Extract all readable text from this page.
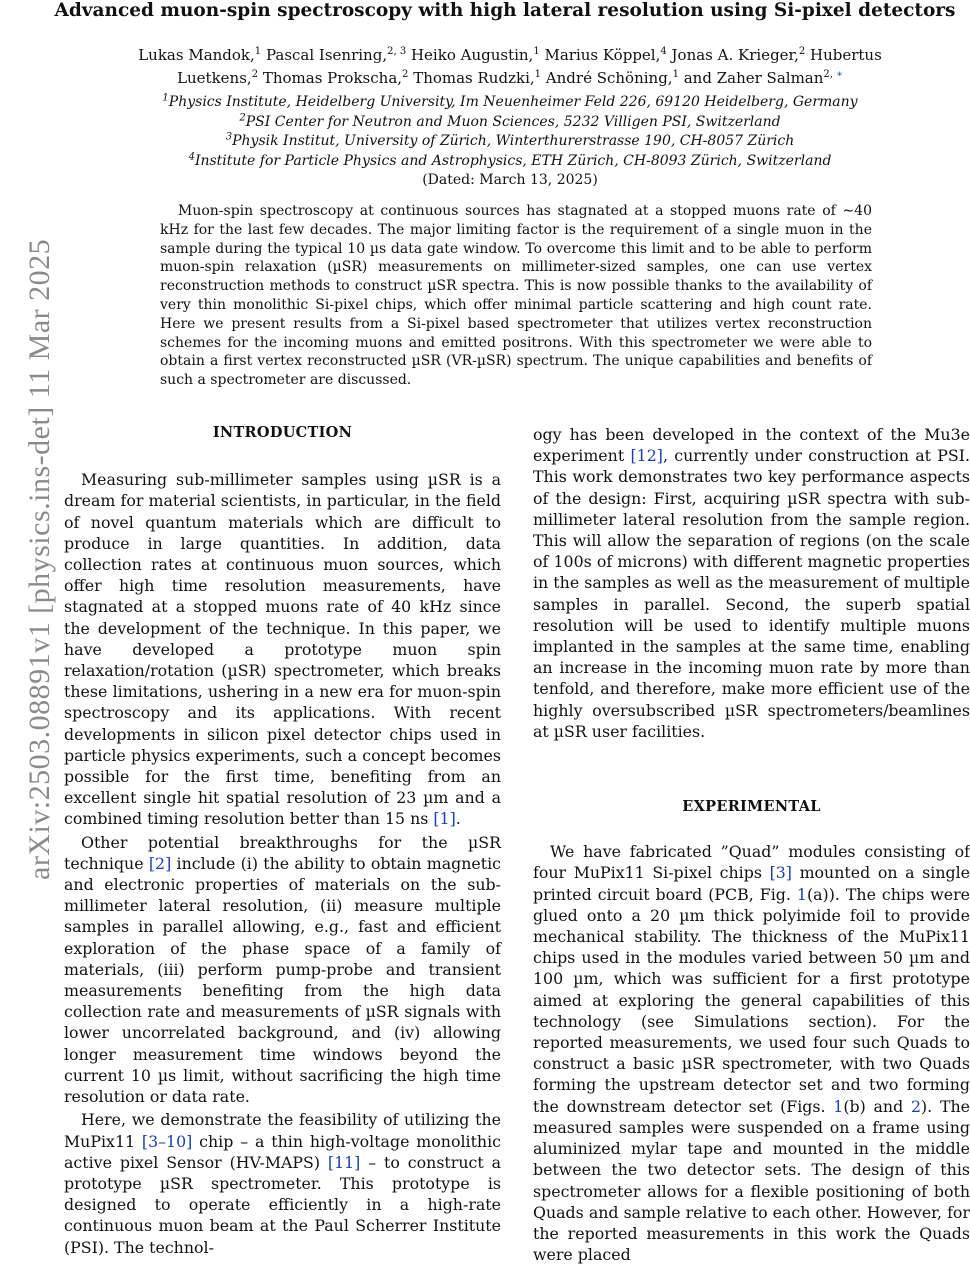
Advanced muon-spin spectroscopy with high lateral resolution using Si-pixel detectors
Lukas Mandok,$^1$ Pascal Isenring,$^{2, 3}$ Heiko Augustin,$^1$ Marius Köppel,$^4$ Jonas A. Krieger,$^2$ Hubertus Luetkens,$^2$ Thomas Prokscha,$^2$ Thomas Rudzki,$^1$ André Schöning,$^1$ and Zaher Salman$^{2, ∗}$
$^1$Physics Institute, Heidelberg University, Im Neuenheimer Feld 226, 69120 Heidelberg, Germany
$^2$PSI Center for Neutron and Muon Sciences, 5232 Villigen PSI, Switzerland
$^3$Physik Institut, University of Zürich, Winterthurerstrasse 190, CH-8057 Zürich
$^4$Institute for Particle Physics and Astrophysics, ETH Zürich, CH-8093 Zürich, Switzerland
(Dated: March 13, 2025)
Muon-spin spectroscopy at continuous sources has stagnated at a stopped muons rate of ∼40 kHz for the last few decades. The major limiting factor is the requirement of a single muon in the sample during the typical 10 µs data gate window. To overcome this limit and to be able to perform muon-spin relaxation (µSR) measurements on millimeter-sized samples, one can use vertex reconstruction methods to construct µSR spectra. This is now possible thanks to the availability of very thin monolithic Si-pixel chips, which offer minimal particle scattering and high count rate. Here we present results from a Si-pixel based spectrometer that utilizes vertex reconstruction schemes for the incoming muons and emitted positrons. With this spectrometer we were able to obtain a first vertex reconstructed µSR (VR-µSR) spectrum. The unique capabilities and benefits of such a spectrometer are discussed.
arXiv:2503.08891v1 [physics.ins-det] 11 Mar 2025	INTRODUCTION

Measuring sub-millimeter samples using µSR is a dream for material scientists, in particular, in the field of novel quantum materials which are difficult to produce in large quantities. In addition, data collection rates at continuous muon sources, which offer high time resolution measurements, have stagnated at a stopped muons rate of 40 kHz since the development of the technique. In this paper, we have developed a prototype muon spin relaxation/rotation (µSR) spectrometer, which breaks these limitations, ushering in a new era for muon-spin spectroscopy and its applications. With recent developments in silicon pixel detector chips used in particle physics experiments, such a concept becomes possible for the first time, benefiting from an excellent single hit spatial resolution of 23 µm and a combined timing resolution better than 15 ns [1].

Other potential breakthroughs for the µSR technique [2] include (i) the ability to obtain magnetic and electronic properties of materials on the sub-millimeter lateral resolution, (ii) measure multiple samples in parallel allowing, e.g., fast and efficient exploration of the phase space of a family of materials, (iii) perform pump-probe and transient measurements benefiting from the high data collection rate and measurements of µSR signals with lower uncorrelated background, and (iv) allowing longer measurement time windows beyond the current 10 µs limit, without sacrificing the high time resolution or data rate.

Here, we demonstrate the feasibility of utilizing the MuPix11 [3–10] chip – a thin high-voltage monolithic active pixel Sensor (HV-MAPS) [11] – to construct a prototype µSR spectrometer. This prototype is designed to operate efficiently in a high-rate continuous muon beam at the Paul Scherrer Institute (PSI). The technol-

ogy has been developed in the context of the Mu3e experiment [12], currently under construction at PSI. This work demonstrates two key performance aspects of the design: First, acquiring µSR spectra with sub-millimeter lateral resolution from the sample region. This will allow the separation of regions (on the scale of 100s of microns) with different magnetic properties in the samples as well as the measurement of multiple samples in parallel. Second, the superb spatial resolution will be used to identify multiple muons implanted in the samples at the same time, enabling an increase in the incoming muon rate by more than tenfold, and therefore, make more efficient use of the highly oversubscribed µSR spectrometers/beamlines at µSR user facilities.

EXPERIMENTAL

We have fabricated ”Quad” modules consisting of four MuPix11 Si-pixel chips [3] mounted on a single printed circuit board (PCB, Fig. 1(a)). The chips were glued onto a 20 µm thick polyimide foil to provide mechanical stability. The thickness of the MuPix11 chips used in the modules varied between 50 µm and 100 µm, which was sufficient for a first prototype aimed at exploring the general capabilities of this technology (see Simulations section). For the reported measurements, we used four such Quads to construct a basic µSR spectrometer, with two Quads forming the upstream detector set and two forming the downstream detector set (Figs. 1(b) and 2). The measured samples were suspended on a frame using aluminized mylar tape and mounted in the middle between the two detector sets. The design of this spectrometer allows for a flexible positioning of both Quads and sample relative to each other. However, for the reported measurements in this work the Quads were placed
